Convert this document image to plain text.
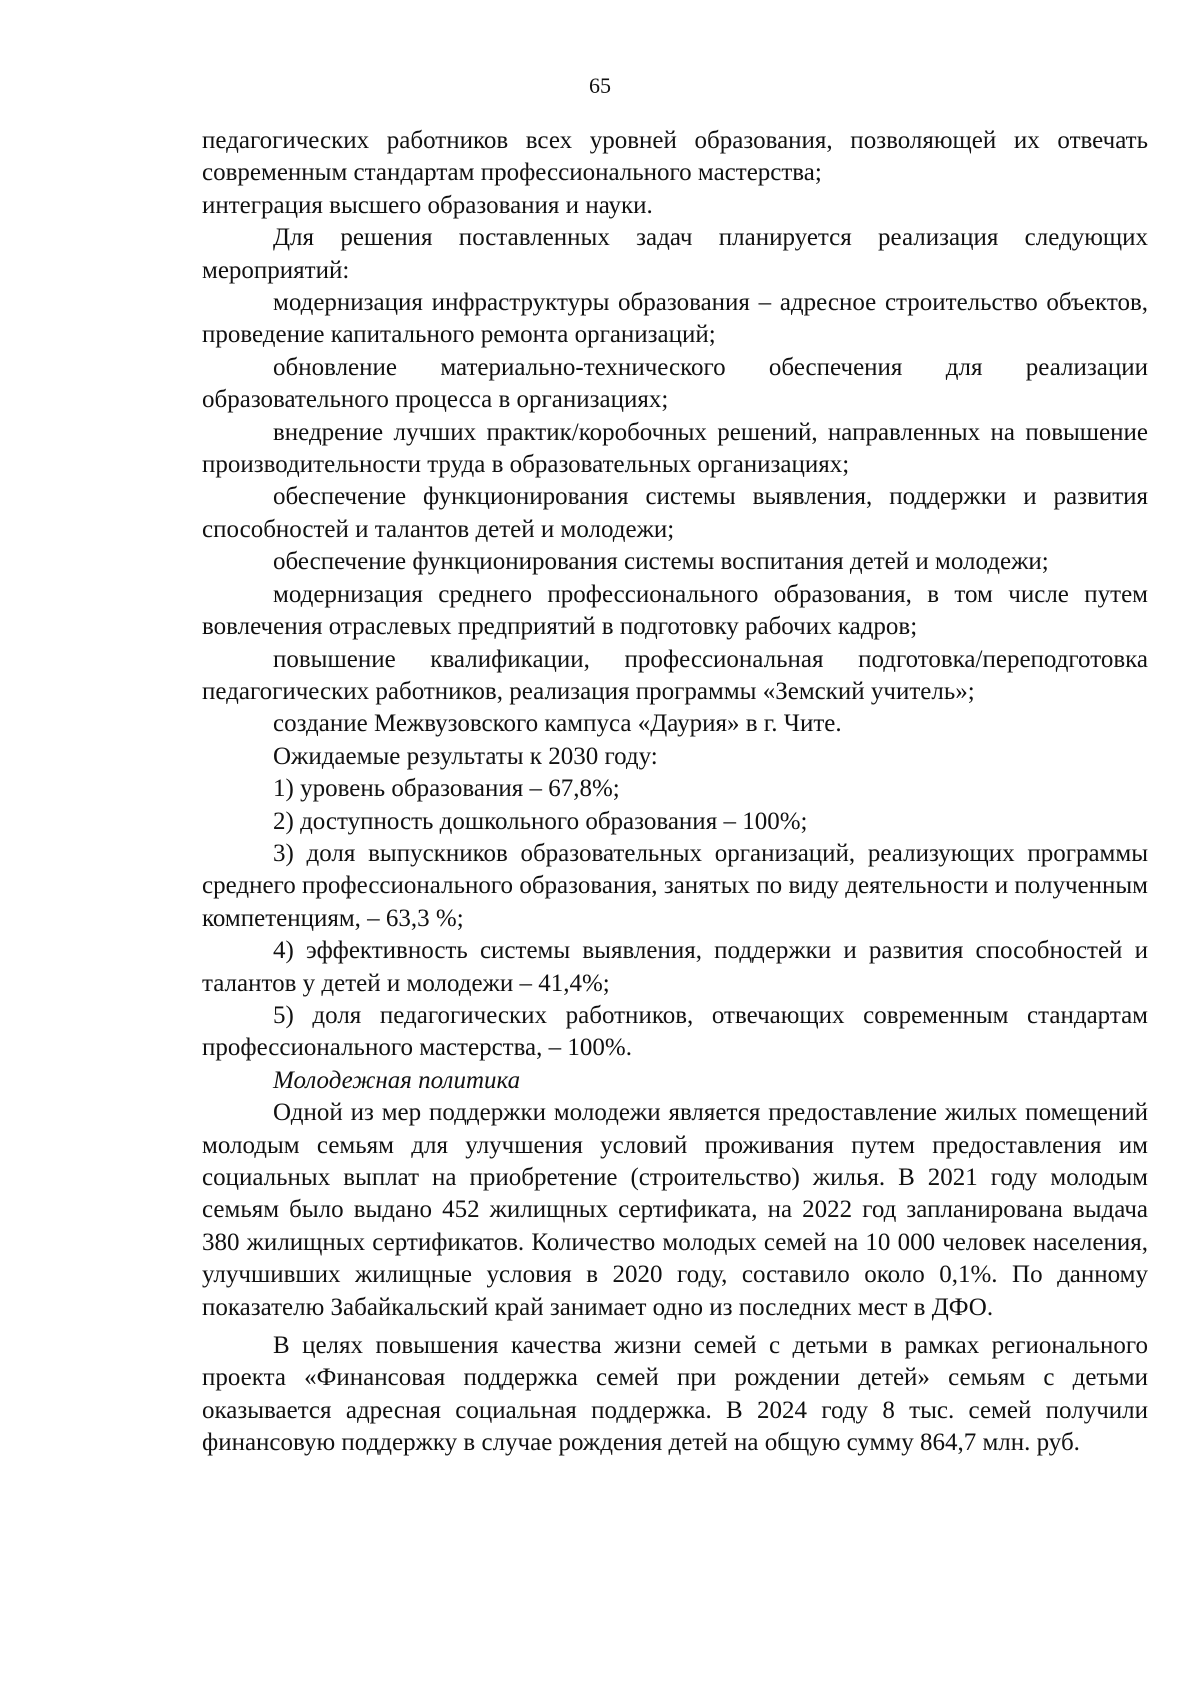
65

педагогических работников всех уровней образования, позволяющей их отвечать современным стандартам профессионального мастерства;

интеграция высшего образования и науки.

Для решения поставленных задач планируется реализация следующих мероприятий:

модернизация инфраструктуры образования – адресное строительство объектов, проведение капитального ремонта организаций;

обновление материально-технического обеспечения для реализации образовательного процесса в организациях;

внедрение лучших практик/коробочных решений, направленных на повышение производительности труда в образовательных организациях;

обеспечение функционирования системы выявления, поддержки и развития способностей и талантов детей и молодежи;

обеспечение функционирования системы воспитания детей и молодежи;

модернизация среднего профессионального образования, в том числе путем вовлечения отраслевых предприятий в подготовку рабочих кадров;

повышение квалификации, профессиональная подготовка/переподготовка педагогических работников, реализация программы «Земский учитель»;

создание Межвузовского кампуса «Даурия» в г. Чите.

Ожидаемые результаты к 2030 году:

1) уровень образования – 67,8%;

2) доступность дошкольного образования – 100%;

3) доля выпускников образовательных организаций, реализующих программы среднего профессионального образования, занятых по виду деятельности и полученным компетенциям, – 63,3 %;

4) эффективность системы выявления, поддержки и развития способностей и талантов у детей и молодежи – 41,4%;

5) доля педагогических работников, отвечающих современным стандартам профессионального мастерства, – 100%.

Молодежная политика

Одной из мер поддержки молодежи является предоставление жилых помещений молодым семьям для улучшения условий проживания путем предоставления им социальных выплат на приобретение (строительство) жилья. В 2021 году молодым семьям было выдано 452 жилищных сертификата, на 2022 год запланирована выдача 380 жилищных сертификатов. Количество молодых семей на 10 000 человек населения, улучшивших жилищные условия в 2020 году, составило около 0,1%. По данному показателю Забайкальский край занимает одно из последних мест в ДФО.

В целях повышения качества жизни семей с детьми в рамках регионального проекта «Финансовая поддержка семей при рождении детей» семьям с детьми оказывается адресная социальная поддержка. В 2024 году 8 тыс. семей получили финансовую поддержку в случае рождения детей на общую сумму 864,7 млн. руб.
